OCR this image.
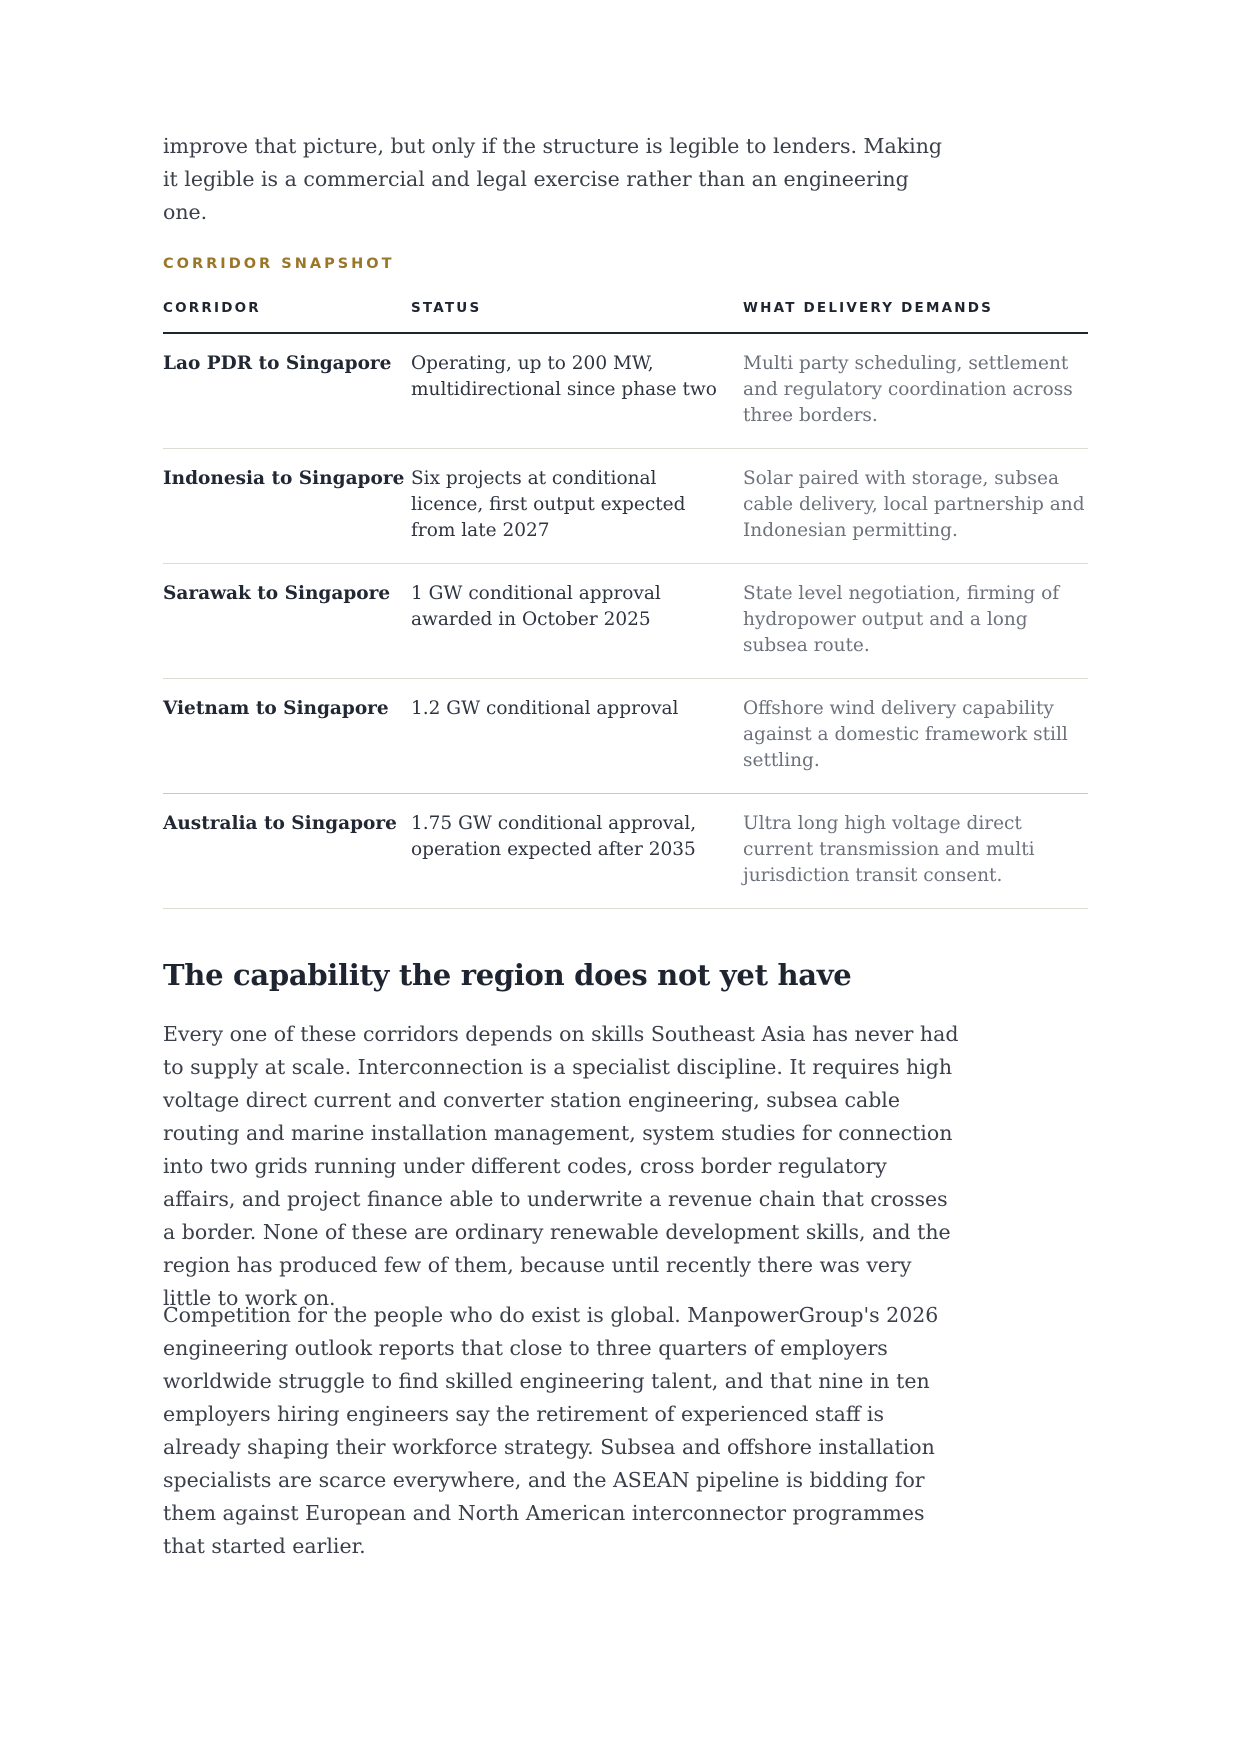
improve that picture, but only if the structure is legible to lenders. Making it legible is a commercial and legal exercise rather than an engineering one.

CORRIDOR SNAPSHOT

CORRIDOR	STATUS	WHAT DELIVERY DEMANDS
Lao PDR to Singapore	Operating, up to 200 MW, multidirectional since phase two	Multi party scheduling, settlement and regulatory coordination across three borders.
Indonesia to Singapore	Six projects at conditional licence, first output expected from late 2027	Solar paired with storage, subsea cable delivery, local partnership and Indonesian permitting.
Sarawak to Singapore	1 GW conditional approval awarded in October 2025	State level negotiation, firming of hydropower output and a long subsea route.
Vietnam to Singapore	1.2 GW conditional approval	Offshore wind delivery capability against a domestic framework still settling.
Australia to Singapore	1.75 GW conditional approval, operation expected after 2035	Ultra long high voltage direct current transmission and multi jurisdiction transit consent.
The capability the region does not yet have

Every one of these corridors depends on skills Southeast Asia has never had to supply at scale. Interconnection is a specialist discipline. It requires high voltage direct current and converter station engineering, subsea cable routing and marine installation management, system studies for connection into two grids running under different codes, cross border regulatory affairs, and project finance able to underwrite a revenue chain that crosses a border. None of these are ordinary renewable development skills, and the region has produced few of them, because until recently there was very little to work on.

Competition for the people who do exist is global. ManpowerGroup's 2026 engineering outlook reports that close to three quarters of employers worldwide struggle to find skilled engineering talent, and that nine in ten employers hiring engineers say the retirement of experienced staff is already shaping their workforce strategy. Subsea and offshore installation specialists are scarce everywhere, and the ASEAN pipeline is bidding for them against European and North American interconnector programmes that started earlier.
